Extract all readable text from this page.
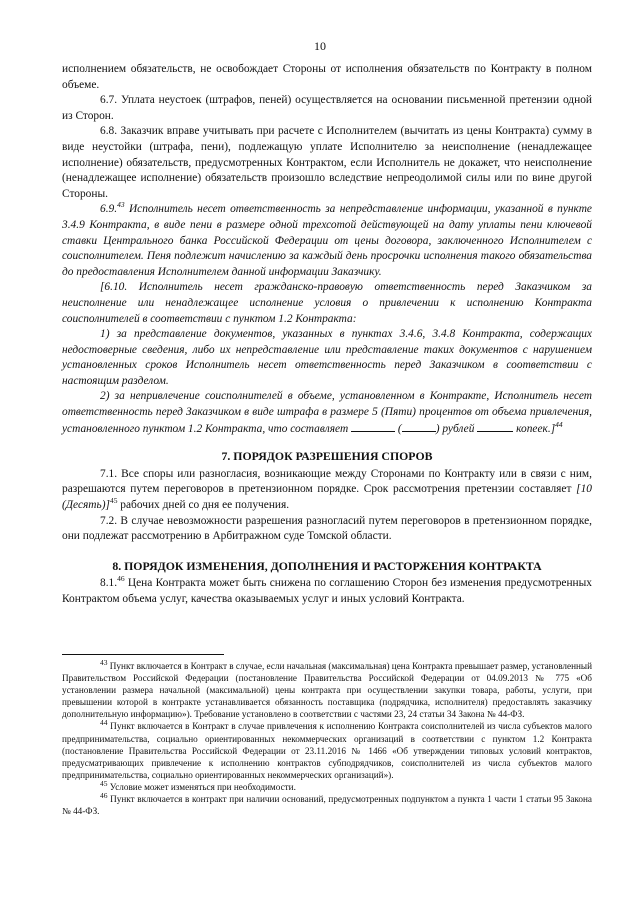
10

исполнением обязательств, не освобождает Стороны от исполнения обязательств по Контракту в полном объеме.

6.7. Уплата неустоек (штрафов, пеней) осуществляется на основании письменной претензии одной из Сторон.

6.8. Заказчик вправе учитывать при расчете с Исполнителем (вычитать из цены Контракта) сумму в виде неустойки (штрафа, пени), подлежащую уплате Исполнителю за неисполнение (ненадлежащее исполнение) обязательств, предусмотренных Контрактом, если Исполнитель не докажет, что неисполнение (ненадлежащее исполнение) обязательств произошло вследствие непреодолимой силы или по вине другой Стороны.

6.9.43 Исполнитель несет ответственность за непредставление информации, указанной в пункте 3.4.9 Контракта, в виде пени в размере одной трехсотой действующей на дату уплаты пени ключевой ставки Центрального банка Российской Федерации от цены договора, заключенного Исполнителем с соисполнителем. Пеня подлежит начислению за каждый день просрочки исполнения такого обязательства до предоставления Исполнителем данной информации Заказчику.

[6.10. Исполнитель несет гражданско-правовую ответственность перед Заказчиком за неисполнение или ненадлежащее исполнение условия о привлечении к исполнению Контракта соисполнителей в соответствии с пунктом 1.2 Контракта:

1) за представление документов, указанных в пунктах 3.4.6, 3.4.8 Контракта, содержащих недостоверные сведения, либо их непредставление или представление таких документов с нарушением установленных сроков Исполнитель несет ответственность перед Заказчиком в соответствии с настоящим разделом.

2) за непривлечение соисполнителей в объеме, установленном в Контракте, Исполнитель несет ответственность перед Заказчиком в виде штрафа в размере 5 (Пяти) процентов от объема привлечения, установленного пунктом 1.2 Контракта, что составляет	(	) рублей	копеек.]$^{44}$

7. ПОРЯДОК РАЗРЕШЕНИЯ СПОРОВ

7.1. Все споры или разногласия, возникающие между Сторонами по Контракту или в связи с ним, разрешаются путем переговоров в претензионном порядке. Срок рассмотрения претензии составляет [10 (Десять)]$^{45}$ рабочих дней со дня ее получения.

7.2. В случае невозможности разрешения разногласий путем переговоров в претензионном порядке, они подлежат рассмотрению в Арбитражном суде Томской области.

8. ПОРЯДОК ИЗМЕНЕНИЯ, ДОПОЛНЕНИЯ И РАСТОРЖЕНИЯ КОНТРАКТА

8.1.46 Цена Контракта может быть снижена по соглашению Сторон без изменения предусмотренных Контрактом объема услуг, качества оказываемых услуг и иных условий Контракта.

$^{43}$ Пункт включается в Контракт в случае, если начальная (максимальная) цена Контракта превышает размер, установленный Правительством Российской Федерации (постановление Правительства Российской Федерации от 04.09.2013 № 775 «Об установлении размера начальной (максимальной) цены контракта при осуществлении закупки товара, работы, услуги, при превышении которой в контракте устанавливается обязанность поставщика (подрядчика, исполнителя) предоставлять заказчику дополнительную информацию»). Требование установлено в соответствии с частями 23, 24 статьи 34 Закона № 44-ФЗ.

$^{44}$ Пункт включается в Контракт в случае привлечения к исполнению Контракта соисполнителей из числа субъектов малого предпринимательства, социально ориентированных некоммерческих организаций в соответствии с пунктом 1.2 Контракта (постановление Правительства Российской Федерации от 23.11.2016 № 1466 «Об утверждении типовых условий контрактов, предусматривающих привлечение к исполнению контрактов субподрядчиков, соисполнителей из числа субъектов малого предпринимательства, социально ориентированных некоммерческих организаций»).

$^{45}$ Условие может изменяться при необходимости.

$^{46}$ Пункт включается в контракт при наличии оснований, предусмотренных подпунктом а пункта 1 части 1 статьи 95 Закона № 44-ФЗ.
